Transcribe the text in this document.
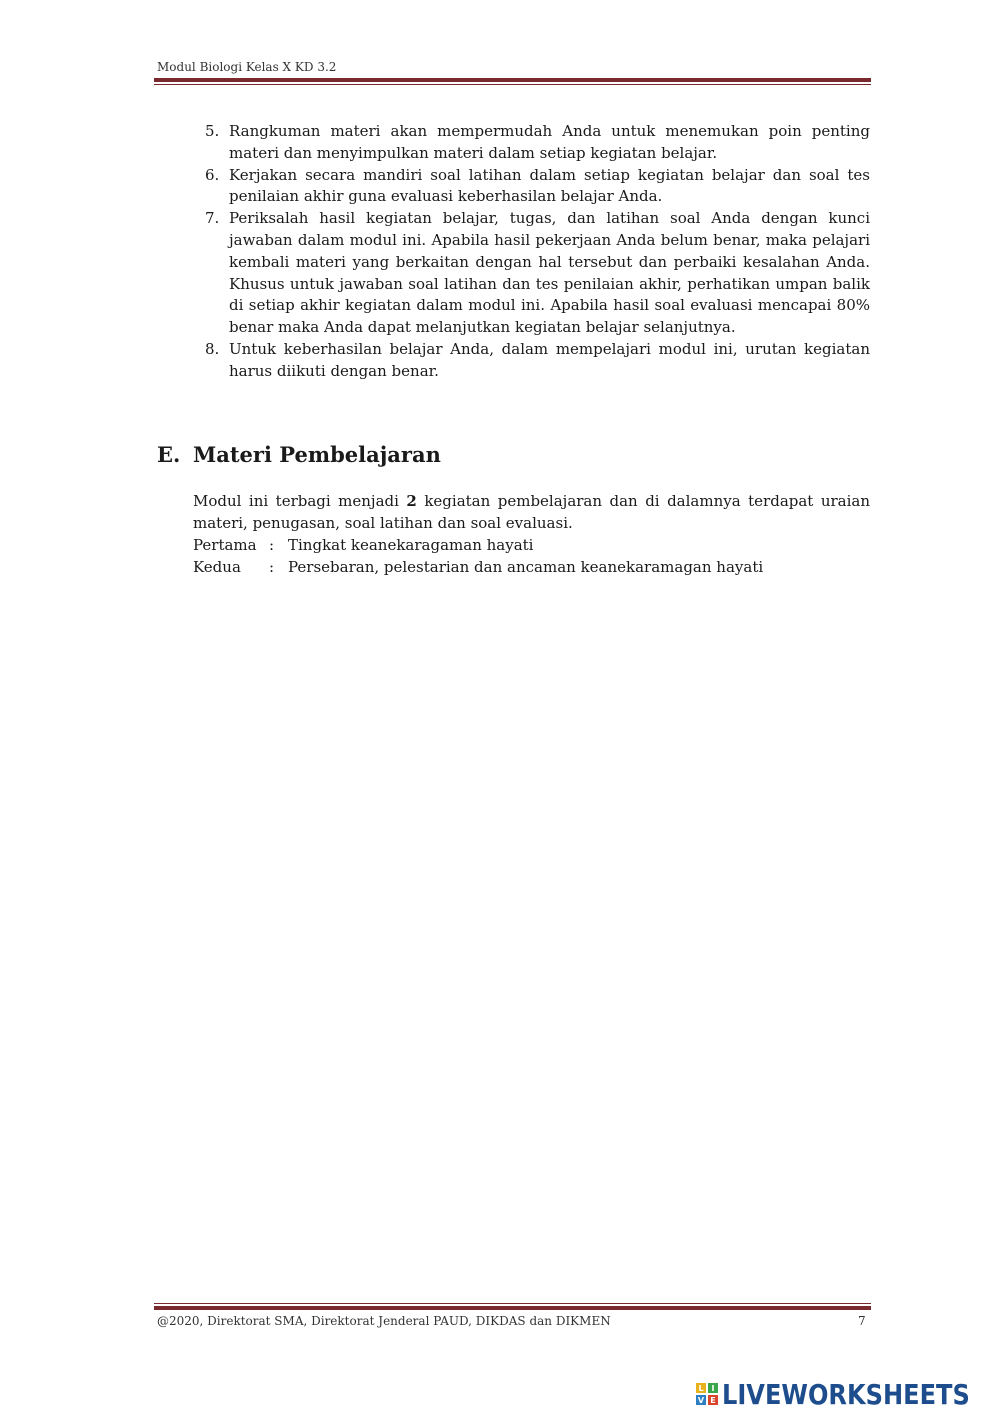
Modul Biologi Kelas X KD 3.2
5. Rangkuman materi akan mempermudah Anda untuk menemukan poin penting materi dan menyimpulkan materi dalam setiap kegiatan belajar.
6. Kerjakan secara mandiri soal latihan dalam setiap kegiatan belajar dan soal tes penilaian akhir guna evaluasi keberhasilan belajar Anda.
7. Periksalah hasil kegiatan belajar, tugas, dan latihan soal Anda dengan kunci jawaban dalam modul ini. Apabila hasil pekerjaan Anda belum benar, maka pelajari kembali materi yang berkaitan dengan hal tersebut dan perbaiki kesalahan Anda. Khusus untuk jawaban soal latihan dan tes penilaian akhir, perhatikan umpan balik di setiap akhir kegiatan dalam modul ini. Apabila hasil soal evaluasi mencapai 80% benar maka Anda dapat melanjutkan kegiatan belajar selanjutnya.
8. Untuk keberhasilan belajar Anda, dalam mempelajari modul ini, urutan kegiatan harus diikuti dengan benar.
E. Materi Pembelajaran

Modul ini terbagi menjadi 2 kegiatan pembelajaran dan di dalamnya terdapat uraian materi, penugasan, soal latihan dan soal evaluasi.

Pertama : Tingkat keanekaragaman hayati
Kedua : Persebaran, pelestarian dan ancaman keanekaramagan hayati
@2020, Direktorat SMA, Direktorat Jenderal PAUD, DIKDAS dan DIKMEN	7
L I
V E LIVEWORKSHEETS
